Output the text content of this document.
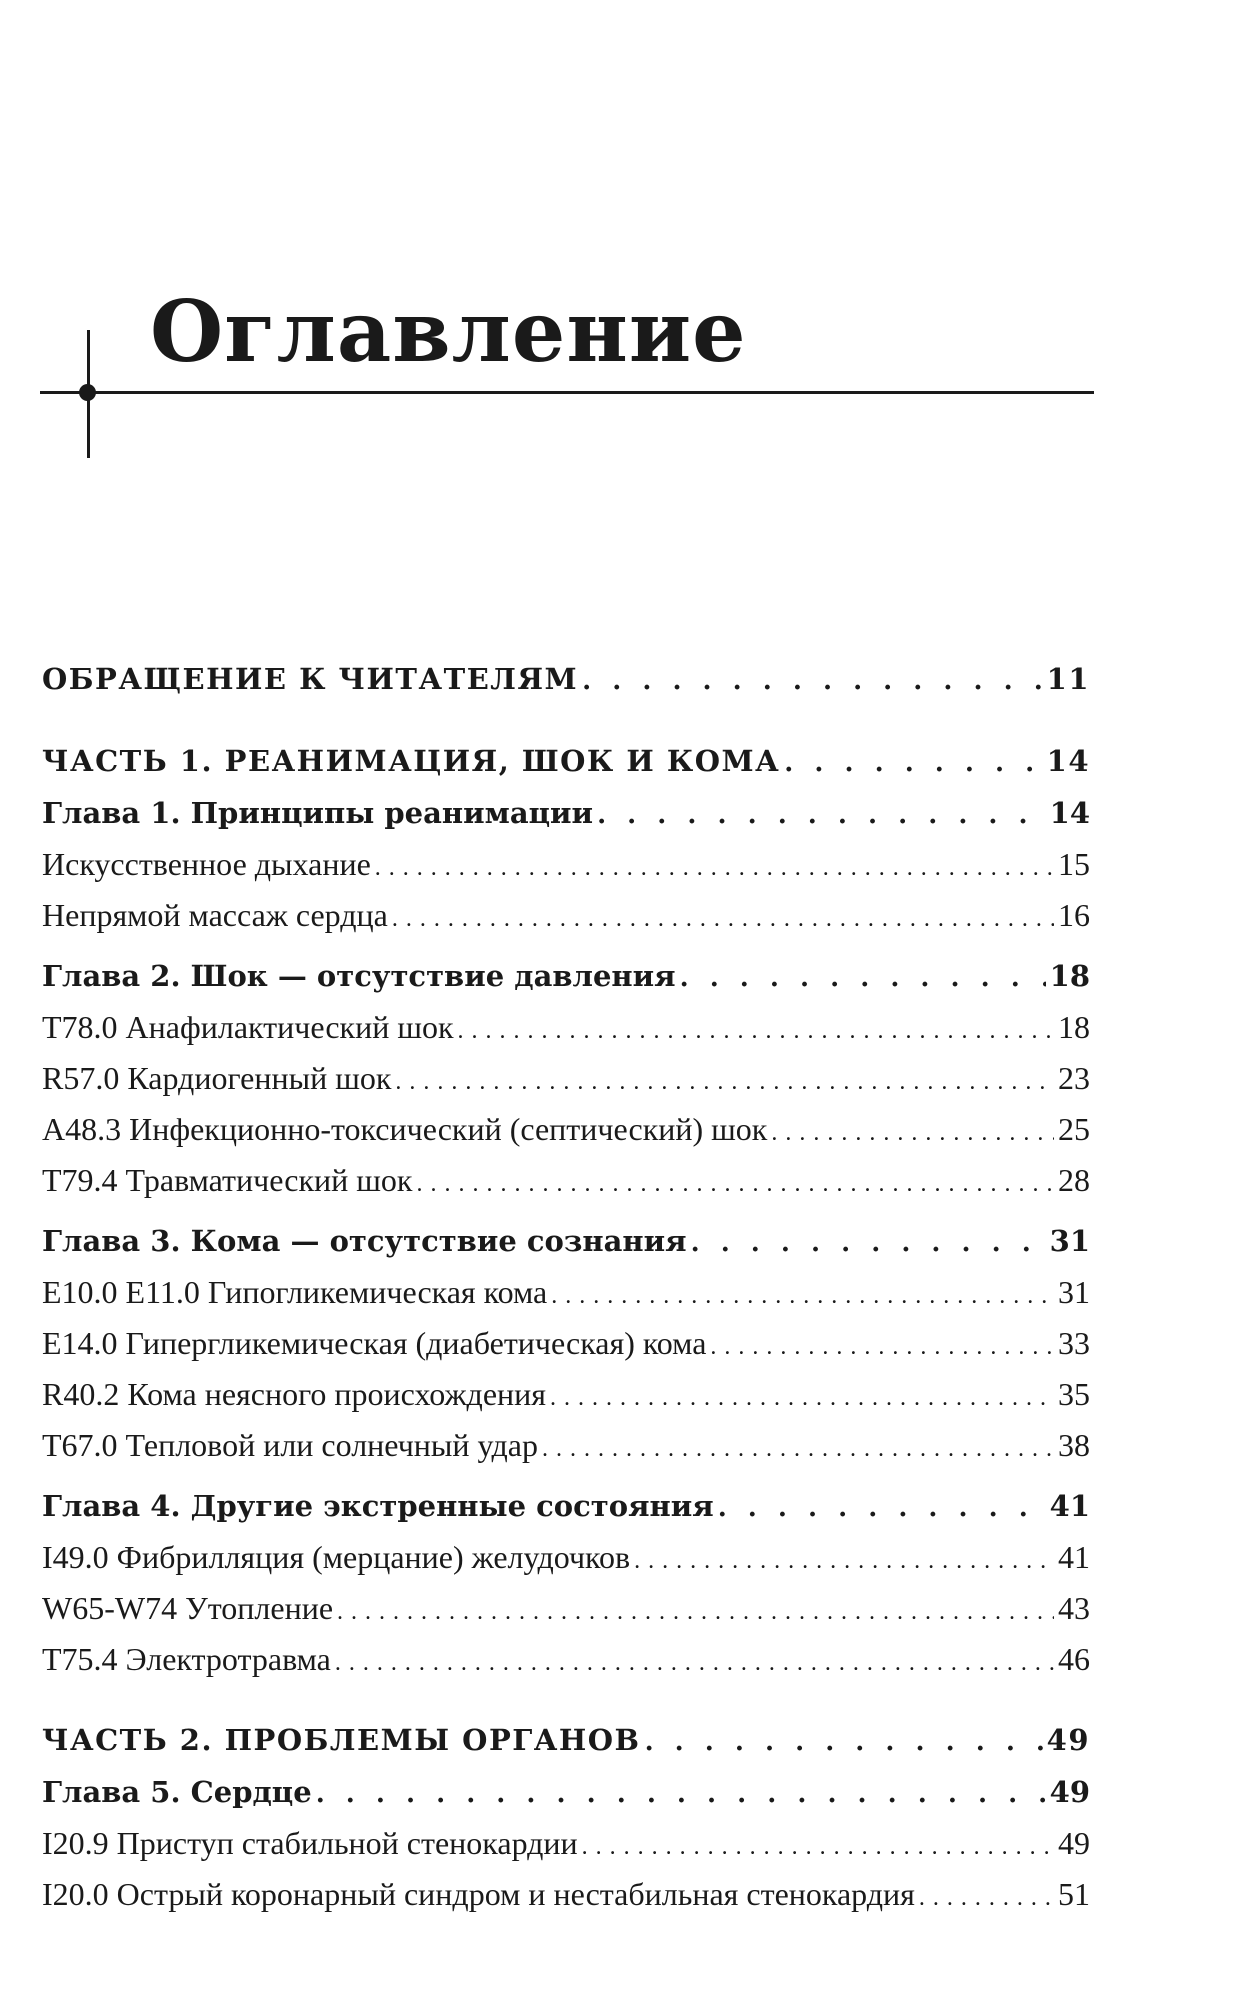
Оглавление
ОБРАЩЕНИЕ К ЧИТАТЕЛЯМ . . .	11
ЧАСТЬ 1. РЕАНИМАЦИЯ, ШОК И КОМА . . .	14
Глава 1. Принципы реанимации . . .	14
Искусственное дыхание . . .	15
Непрямой массаж сердца . . .	16
Глава 2. Шок — отсутствие давления . . .	18
T78.0 Анафилактический шок . . .	18
R57.0 Кардиогенный шок . . .	23
A48.3 Инфекционно-токсический (септический) шок . . .	25
T79.4 Травматический шок . . .	28
Глава 3. Кома — отсутствие сознания . . .	31
E10.0 E11.0 Гипогликемическая кома . . .	31
E14.0 Гипергликемическая (диабетическая) кома . . .	33
R40.2 Кома неясного происхождения . . .	35
T67.0 Тепловой или солнечный удар . . .	38
Глава 4. Другие экстренные состояния . . .	41
I49.0 Фибрилляция (мерцание) желудочков . . .	41
W65-W74 Утопление . . .	43
T75.4 Электротравма . . .	46
ЧАСТЬ 2. ПРОБЛЕМЫ ОРГАНОВ . . .	49
Глава 5. Сердце . . .	49
I20.9 Приступ стабильной стенокардии . . .	49
I20.0 Острый коронарный синдром и нестабильная стенокардия . . .	51
